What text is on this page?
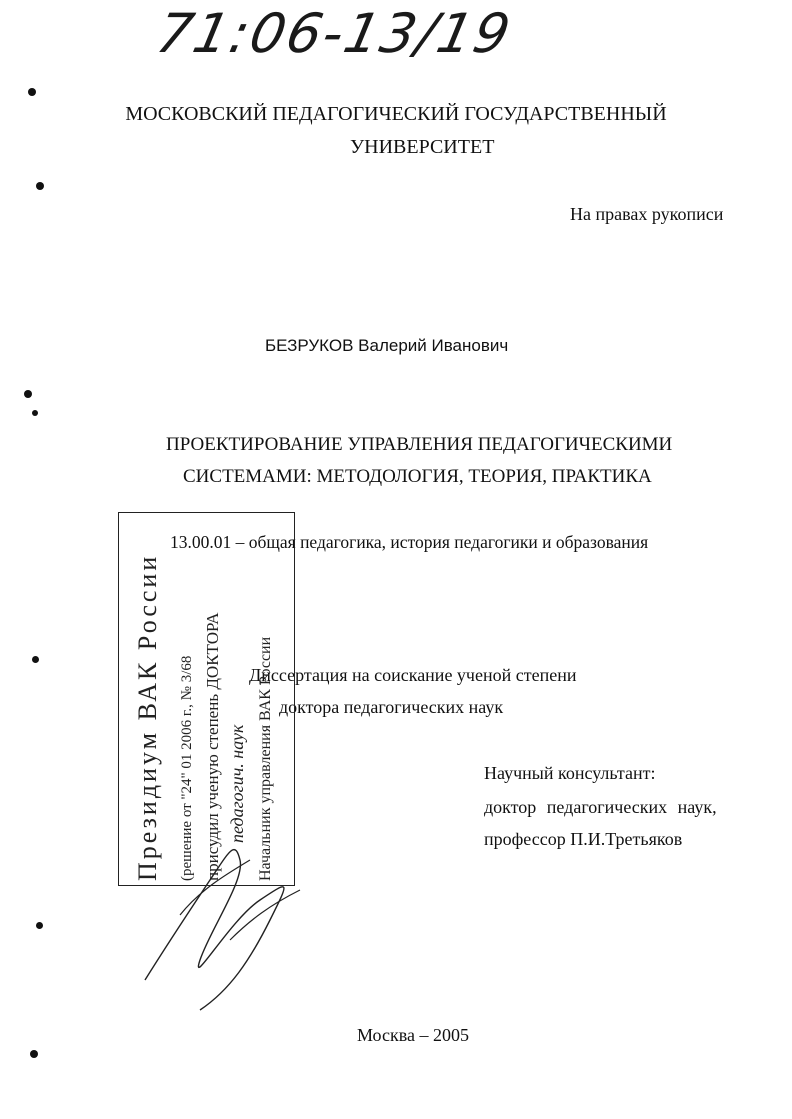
71:06-13/19
МОСКОВСКИЙ ПЕДАГОГИЧЕСКИЙ ГОСУДАРСТВЕННЫЙ
УНИВЕРСИТЕТ
На правах рукописи
БЕЗРУКОВ Валерий Иванович
ПРОЕКТИРОВАНИЕ УПРАВЛЕНИЯ ПЕДАГОГИЧЕСКИМИ
СИСТЕМАМИ: МЕТОДОЛОГИЯ, ТЕОРИЯ, ПРАКТИКА
13.00.01 – общая педагогика, история педагогики и образования
Диссертация на соискание ученой степени
доктора педагогических наук
Научный консультант:
доктор педагогических наук,
профессор П.И.Третьяков
Президиум ВАК России (решение от "24" 01 2006 г., № 3/68 присудил ученую степень ДОКТОРА педагогич. наук Начальник управления ВАК России
Москва – 2005
